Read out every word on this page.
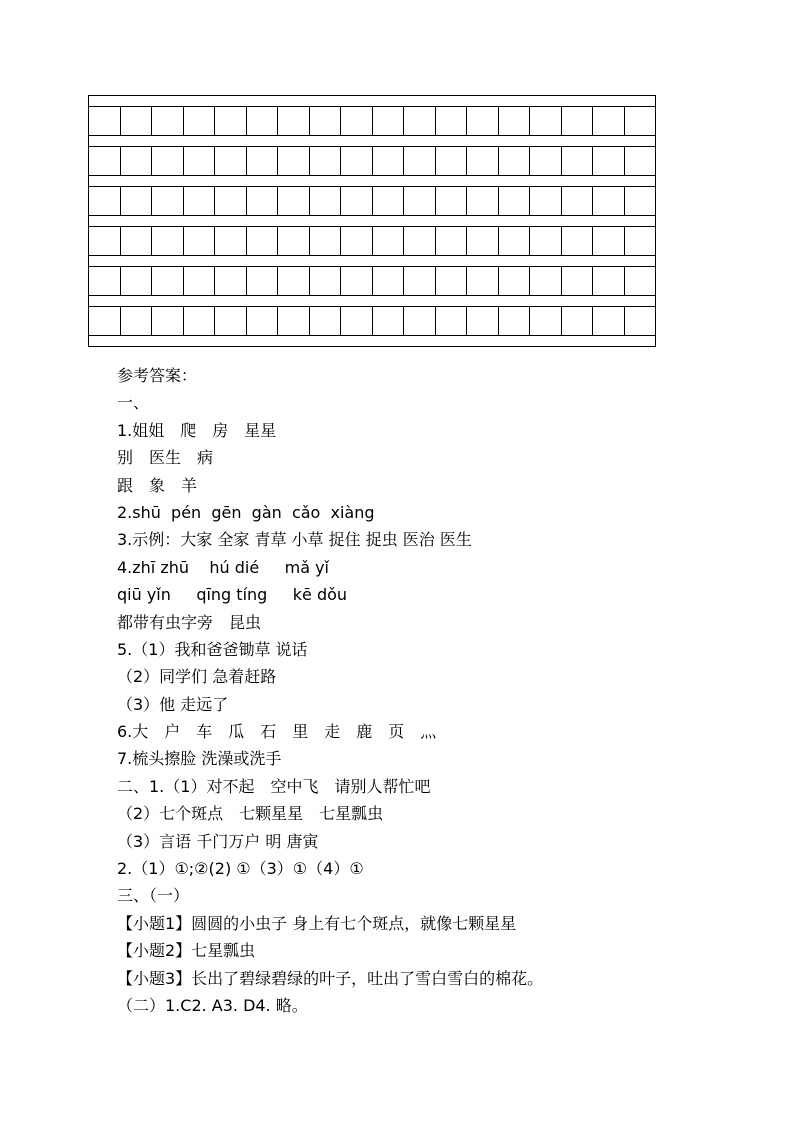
参考答案：
一、
1.姐姐　爬　房　星星
别　医生　病
跟　象　羊
2.shū  pén  gēn  gàn  cǎo  xiàng
3.示例：大家 全家 青草 小草 捉住 捉虫 医治 医生
4.zhī zhū    hú dié     mǎ yǐ
qiū yǐn     qīng tíng     kē dǒu
都带有虫字旁　昆虫
5.（1）我和爸爸锄草 说话
（2）同学们 急着赶路
（3）他 走远了
6.大　户　车　瓜　石　里　走　鹿　页　灬
7.梳头擦脸 洗澡或洗手
二、1.（1）对不起　空中飞　请别人帮忙吧
（2）七个斑点　七颗星星　七星瓢虫
（3）言语 千门万户 明 唐寅
2.（1）①;②(2) ①（3）①（4）①
三、（一）
【小题1】圆圆的小虫子 身上有七个斑点，就像七颗星星
【小题2】七星瓢虫
【小题3】长出了碧绿碧绿的叶子，吐出了雪白雪白的棉花。
（二）1.C2. A3. D4. 略。
